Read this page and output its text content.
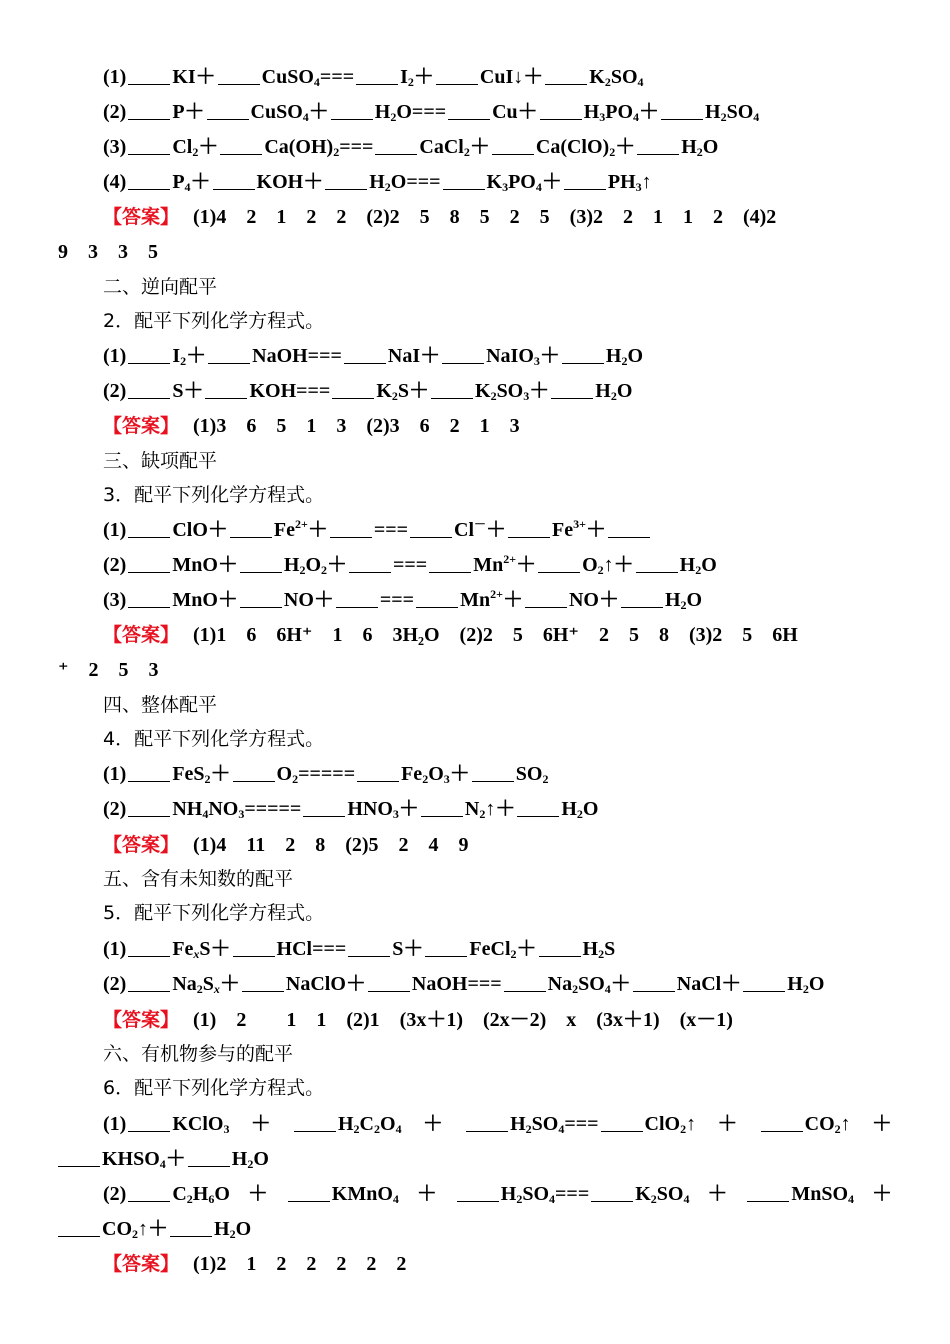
(1) KI＋ CuSO$_4$=== $I_2+$ CuI↓＋ $K_2SO_4$
(2) P＋ CuSO$_4$＋ $H_2O=== Cu+ H_3PO_4+ H_2SO_4$
(3) $Cl_2+ Ca(OH)_2===$ CaCl$_2$＋ $Ca(ClO)_2+ H_2O$
(4) $P_4+ KOH+ H_2O=== K_3PO_4+$ $PH_3↑$
【答案】 (1)4　2　1　2　2　(2)2　5　8　5　2　5　(3)2　2　1　1　2　(4)2
9　3　3　5
二、逆向配平
2．配平下列化学方程式。
(1) $I_2+$ NaOH=== NaI＋ NaIO$_3$＋ $H_2O$
(2) $S+ KOH=== K_2S+ K_2SO_3+ H_2O$
【答案】 (1)3　6　5　1　3　(2)3　6　2　1　3
三、缺项配平
3．配平下列化学方程式。
(1) $ClO+ Fe^{2+}+$ === $Cl^-+ Fe^{3+}+$
(2) $MnO+ H_2O_2+$ === $Mn^{2+}+$ $O_2↑+ H_2O$
(3) MnO＋ NO＋ === $Mn^{2+}+ NO+ H_2O$
【答案】 (1)1　6　6H⁺　1　6　3H₂O　(2)2　5　6H⁺　2　5　8　(3)2　5　6H
⁺　2　5　3
四、整体配平
4．配平下列化学方程式。
(1) $FeS_2+ O_2===== Fe_2O_3+ SO_2$
(2) $NH_4NO_3===== HNO_3+$ $N_2↑+ H_2O$
【答案】 (1)4　11　2　8　(2)5　2　4　9
五、含有未知数的配平
5．配平下列化学方程式。
(1) $Fe_xS+ HCl=== S+$ FeCl$_2$＋ $H_2S$
(2) $Na_2S_x+$ NaClO＋ NaOH=== $Na_2SO_4+$ NaCl＋ $H_2O$
【答案】 (1)　2　　1　1　(2)1　(3x＋1)　(2x－2)　x　(3x＋1)　(x－1)
六、有机物参与的配平
6．配平下列化学方程式。
(1) KClO$_3$ ＋	$H_2C_2O_4$ ＋	$H_2SO_4===$ ClO$_2$↑ ＋	$CO_2↑$ ＋
$KHSO_4+ H_2O$
(2) $C_2H_6O$ ＋	KMnO$_4$ ＋	$H_2SO_4=== K_2SO_4$ ＋	MnSO$_4$ ＋
$CO_2↑+ H_2O$
【答案】 (1)2　1　2　2　2　2　2
